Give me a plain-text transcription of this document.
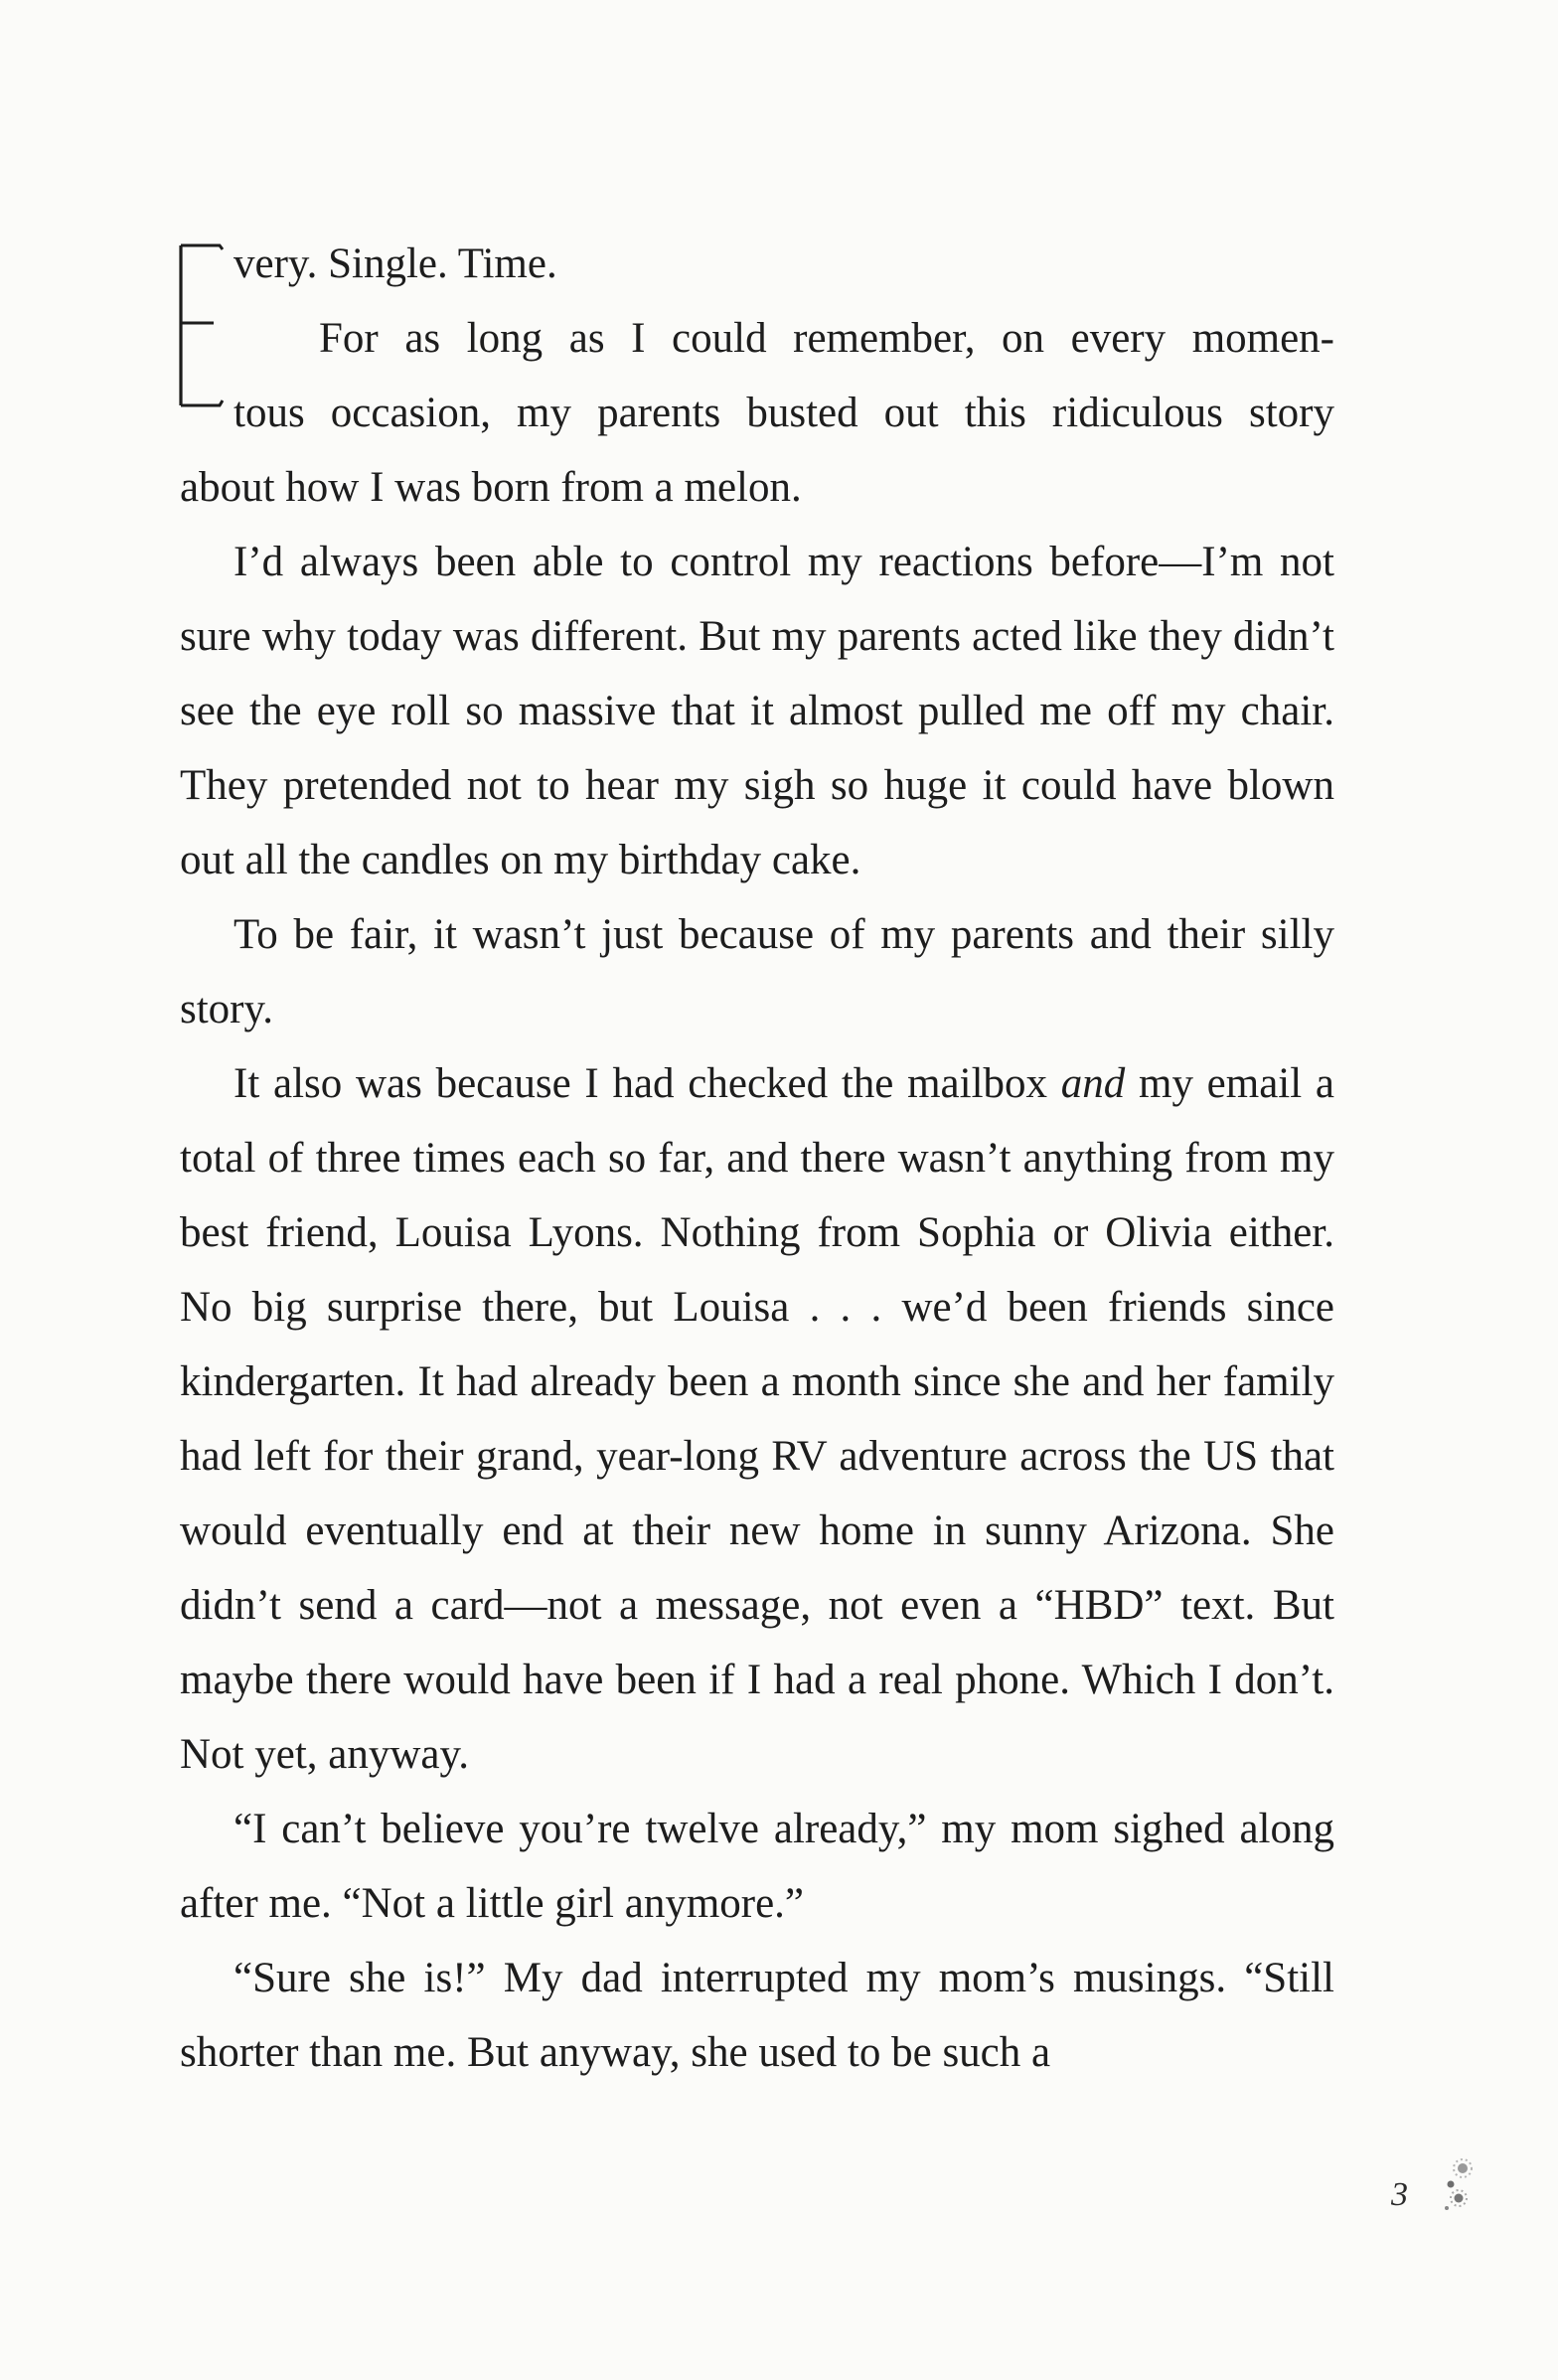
very. Single. Time.
  For as long as I could remember, on every momen-
tous occasion, my parents busted out this ridiculous story

about how I was born from a melon.

I’d always been able to control my reactions before—I’m not sure why today was different. But my parents acted like they didn’t see the eye roll so massive that it almost pulled me off my chair. They pretended not to hear my sigh so huge it could have blown out all the candles on my birthday cake.

To be fair, it wasn’t just because of my parents and their silly story.

It also was because I had checked the mailbox and my email a total of three times each so far, and there wasn’t anything from my best friend, Louisa Lyons. Nothing from Sophia or Olivia either. No big surprise there, but Louisa . . . we’d been friends since kindergarten. It had already been a month since she and her family had left for their grand, year-long RV adventure across the US that would eventually end at their new home in sunny Arizona. She didn’t send a card—not a message, not even a “HBD” text. But maybe there would have been if I had a real phone. Which I don’t. Not yet, anyway.

“I can’t believe you’re twelve already,” my mom sighed along after me. “Not a little girl anymore.”

“Sure she is!” My dad interrupted my mom’s musings. “Still shorter than me. But anyway, she used to be such a

3
